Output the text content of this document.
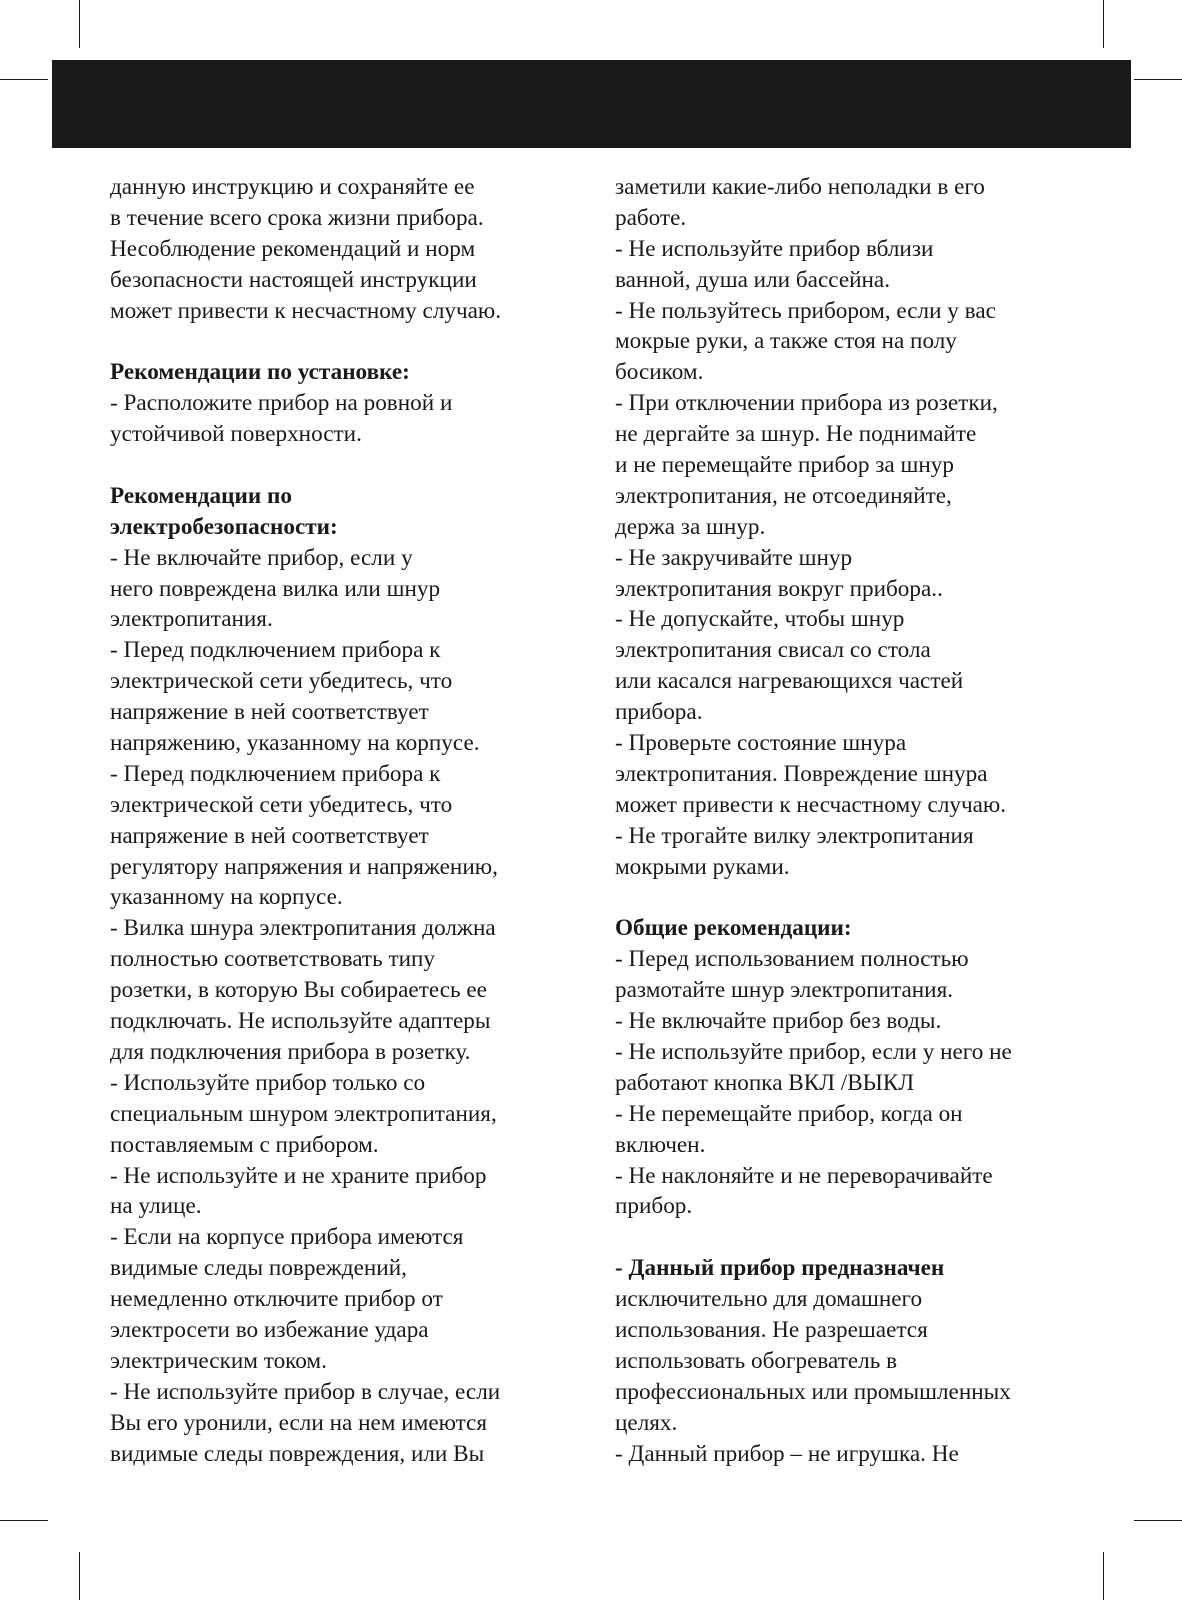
данную инструкцию и сохраняйте ее
в течение всего срока жизни прибора.
Несоблюдение рекомендаций и норм
безопасности настоящей инструкции
может привести к несчастному случаю.
Рекомендации по установке:
- Расположите прибор на ровной и
устойчивой поверхности.
Рекомендации по
электробезопасности:
- Не включайте прибор, если у
него повреждена вилка или шнур
электропитания.
- Перед подключением прибора к
электрической сети убедитесь, что
напряжение в ней соответствует
напряжению, указанному на корпусе.
- Перед подключением прибора к
электрической сети убедитесь, что
напряжение в ней соответствует
регулятору напряжения и напряжению,
указанному на корпусе.
- Вилка шнура электропитания должна
полностью соответствовать типу
розетки, в которую Вы собираетесь ее
подключать. Не используйте адаптеры
для подключения прибора в розетку.
- Используйте прибор только со
специальным шнуром электропитания,
поставляемым с прибором.
- Не используйте и не храните прибор
на улице.
- Если на корпусе прибора имеются
видимые следы повреждений,
немедленно отключите прибор от
электросети во избежание удара
электрическим током.
- Не используйте прибор в случае, если
Вы его уронили, если на нем имеются
видимые следы повреждения, или Вы
заметили какие-либо неполадки в его
работе.
- Не используйте прибор вблизи
ванной, душа или бассейна.
- Не пользуйтесь прибором, если у вас
мокрые руки, а также стоя на полу
босиком.
- При отключении прибора из розетки,
не дергайте за шнур. Не поднимайте
и не перемещайте прибор за шнур
электропитания, не отсоединяйте,
держа за шнур.
- Не закручивайте шнур
электропитания вокруг прибора..
- Не допускайте, чтобы шнур
электропитания свисал со стола
или касался нагревающихся частей
прибора.
- Проверьте состояние шнура
электропитания. Повреждение шнура
может привести к несчастному случаю.
- Не трогайте вилку электропитания
мокрыми руками.
Общие рекомендации:
- Перед использованием полностью
размотайте шнур электропитания.
- Не включайте прибор без воды.
- Не используйте прибор, если у него не
работают кнопка ВКЛ /ВЫКЛ
- Не перемещайте прибор, когда он
включен.
- Не наклоняйте и не переворачивайте
прибор.
- Данный прибор предназначен
исключительно для домашнего
использования. Не разрешается
использовать обогреватель в
профессиональных или промышленных
целях.
- Данный прибор – не игрушка. Не
